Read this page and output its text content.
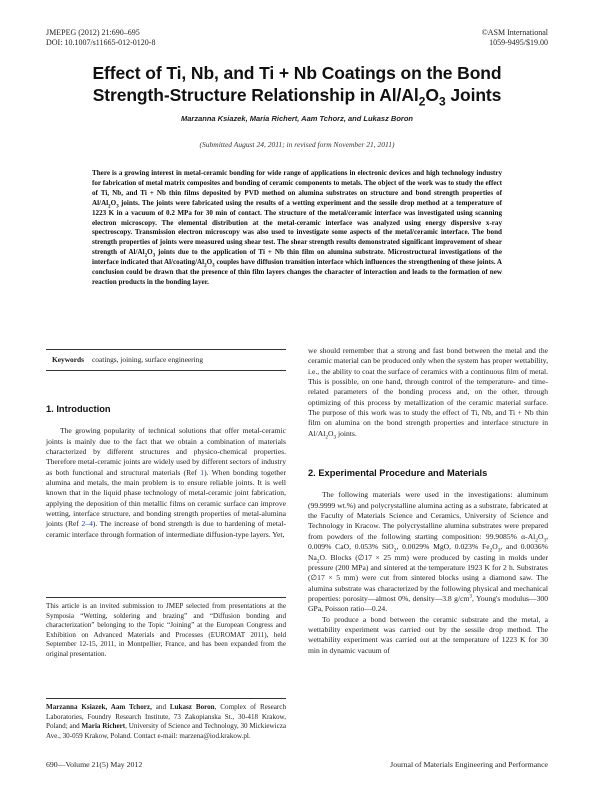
JMEPEG (2012) 21:690–695
DOI: 10.1007/s11665-012-0120-8
©ASM International
1059-9495/$19.00
Effect of Ti, Nb, and Ti + Nb Coatings on the Bond
Strength-Structure Relationship in $Al/Al_2O_3$ Joints
Marzanna Ksiazek, Maria Richert, Aam Tchorz, and Lukasz Boron
(Submitted August 24, 2011; in revised form November 21, 2011)
There is a growing interest in metal-ceramic bonding for wide range of applications in electronic devices and high technology industry for fabrication of metal matrix composites and bonding of ceramic components to metals. The object of the work was to study the effect of Ti, Nb, and Ti + Nb thin films deposited by PVD method on alumina substrates on structure and bond strength properties of $Al/Al_2O_3$ joints. The joints were fabricated using the results of a wetting experiment and the sessile drop method at a temperature of 1223 K in a vacuum of 0.2 MPa for 30 min of contact. The structure of the metal/ceramic interface was investigated using scanning electron microscopy. The elemental distribution at the metal-ceramic interface was analyzed using energy dispersive x-ray spectroscopy. Transmission electron microscopy was also used to investigate some aspects of the metal/ceramic interface. The bond strength properties of joints were measured using shear test. The shear strength results demonstrated significant improvement of shear strength of $Al/Al_2O_3$ joints due to the application of Ti + Nb thin film on alumina substrate. Microstructural investigations of the interface indicated that $Al/coating/Al_2O_3$ couples have diffusion transition interface which influences the strengthening of these joints. A conclusion could be drawn that the presence of thin film layers changes the character of interaction and leads to the formation of new reaction products in the bonding layer.
Keywords coatings, joining, surface engineering
1. Introduction

The growing popularity of technical solutions that offer metal-ceramic joints is mainly due to the fact that we obtain a combination of materials characterized by different structures and physico-chemical properties. Therefore metal-ceramic joints are widely used by different sectors of industry as both functional and structural materials (Ref 1). When bonding together alumina and metals, the main problem is to ensure reliable joints. It is well known that in the liquid phase technology of metal-ceramic joint fabrication, applying the deposition of thin metallic films on ceramic surface can improve wetting, interface structure, and bonding strength properties of metal-alumina joints (Ref 2–4). The increase of bond strength is due to hardening of metal-ceramic interface through formation of intermediate diffusion-type layers. Yet,

This article is an invited submission to JMEP selected from presentations at the Symposia “Wetting, soldering and brazing” and “Diffusion bonding and characterization” belonging to the Topic “Joining” at the European Congress and Exhibition on Advanced Materials and Processes (EUROMAT 2011), held September 12-15, 2011, in Montpellier, France, and has been expanded from the original presentation.

Marzanna Ksiazek, Aam Tchorz, and Lukasz Boron, Complex of Research Laboratories, Foundry Research Institute, 73 Zakopianska St., 30-418 Krakow, Poland; and Maria Richert, University of Science and Technology, 30 Mickiewicza Ave., 30-059 Krakow, Poland. Contact e-mail: marzena@iod.krakow.pl.

we should remember that a strong and fast bond between the metal and the ceramic material can be produced only when the system has proper wettability, i.e., the ability to coat the surface of ceramics with a continuous film of metal. This is possible, on one hand, through control of the temperature- and time-related parameters of the bonding process and, on the other, through optimizing of this process by metallization of the ceramic material surface. The purpose of this work was to study the effect of Ti, Nb, and Ti + Nb thin film on alumina on the bond strength properties and interface structure in $Al/Al_2O_3$ joints.

2. Experimental Procedure and Materials

The following materials were used in the investigations: aluminum (99.9999 wt.%) and polycrystalline alumina acting as a substrate, fabricated at the Faculty of Materials Science and Ceramics, University of Science and Technology in Kracow. The polycrystalline alumina substrates were prepared from powders of the following starting composition: 99.9085% $\alpha-Al_2O_3$, 0.009% CaO, 0.053% SiO$_2$, 0.0029% MgO, 0.023% $Fe_2O_3$, and 0.0036% $Na_2O$. Blocks (∅17 × 25 mm) were produced by casting in molds under pressure (200 MPa) and sintered at the temperature 1923 K for 2 h. Substrates (∅17 × 5 mm) were cut from sintered blocks using a diamond saw. The alumina substrate was characterized by the following physical and mechanical properties: porosity—almost 0%, density—3.8 $g/cm^3$, Young's modulus—300 GPa, Poisson ratio—0.24.

To produce a bond between the ceramic substrate and the metal, a wettability experiment was carried out by the sessile drop method. The wettability experiment was carried out at the temperature of 1223 K for 30 min in dynamic vacuum of

690—Volume 21(5) May 2012	Journal of Materials Engineering and Performance
